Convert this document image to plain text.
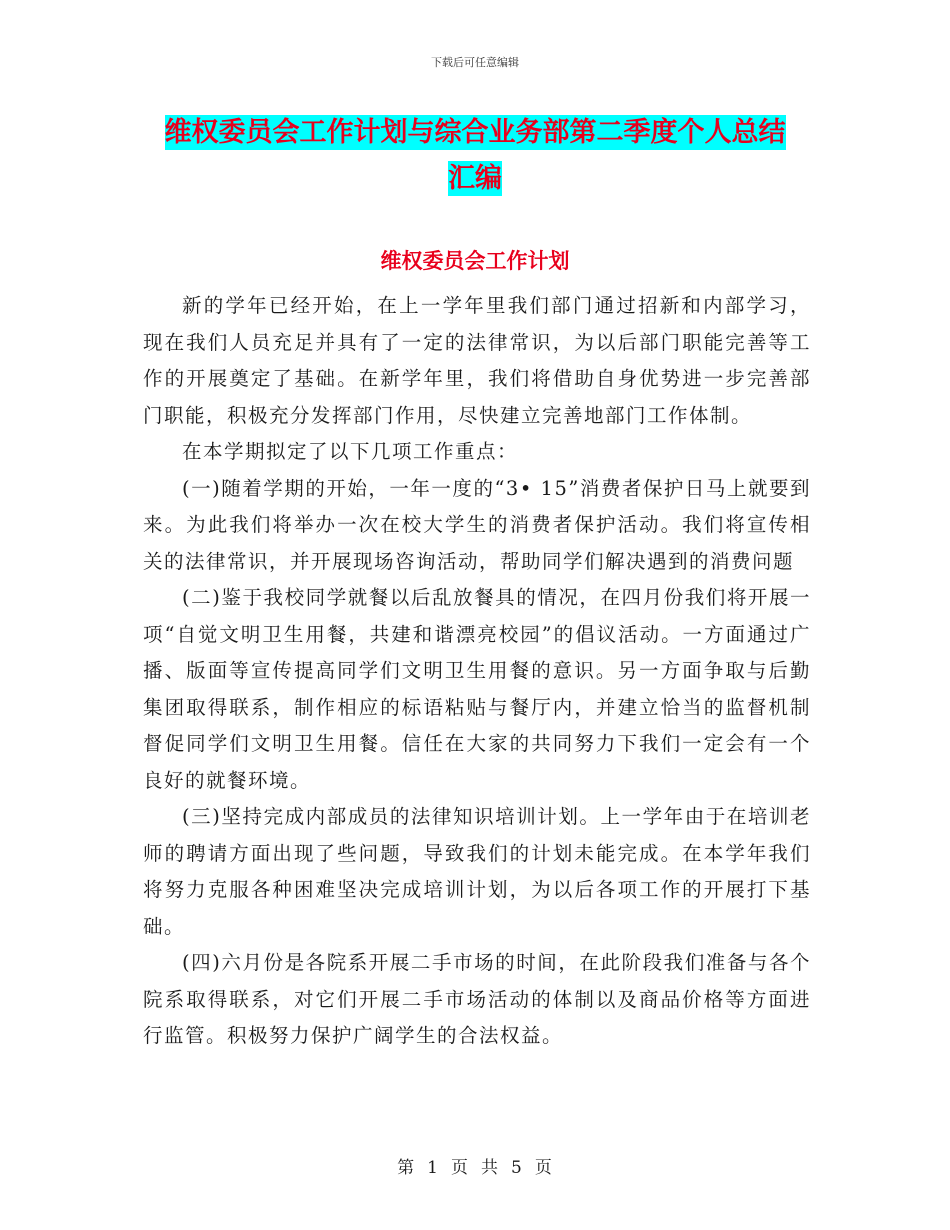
下载后可任意编辑
维权委员会工作计划与综合业务部第二季度个人总结
汇编
维权委员会工作计划

新的学年已经开始，在上一学年里我们部门通过招新和内部学习，现在我们人员充足并具有了一定的法律常识，为以后部门职能完善等工作的开展奠定了基础。在新学年里，我们将借助自身优势进一步完善部门职能，积极充分发挥部门作用，尽快建立完善地部门工作体制。

在本学期拟定了以下几项工作重点：

(一)随着学期的开始，一年一度的“3• 15”消费者保护日马上就要到来。为此我们将举办一次在校大学生的消费者保护活动。我们将宣传相关的法律常识，并开展现场咨询活动，帮助同学们解决遇到的消费问题

(二)鉴于我校同学就餐以后乱放餐具的情况，在四月份我们将开展一项“自觉文明卫生用餐，共建和谐漂亮校园”的倡议活动。一方面通过广播、版面等宣传提高同学们文明卫生用餐的意识。另一方面争取与后勤集团取得联系，制作相应的标语粘贴与餐厅内，并建立恰当的监督机制督促同学们文明卫生用餐。信任在大家的共同努力下我们一定会有一个良好的就餐环境。

(三)坚持完成内部成员的法律知识培训计划。上一学年由于在培训老师的聘请方面出现了些问题，导致我们的计划未能完成。在本学年我们将努力克服各种困难坚决完成培训计划，为以后各项工作的开展打下基础。

(四)六月份是各院系开展二手市场的时间，在此阶段我们准备与各个院系取得联系，对它们开展二手市场活动的体制以及商品价格等方面进行监管。积极努力保护广阔学生的合法权益。

第 1 页 共 5 页
